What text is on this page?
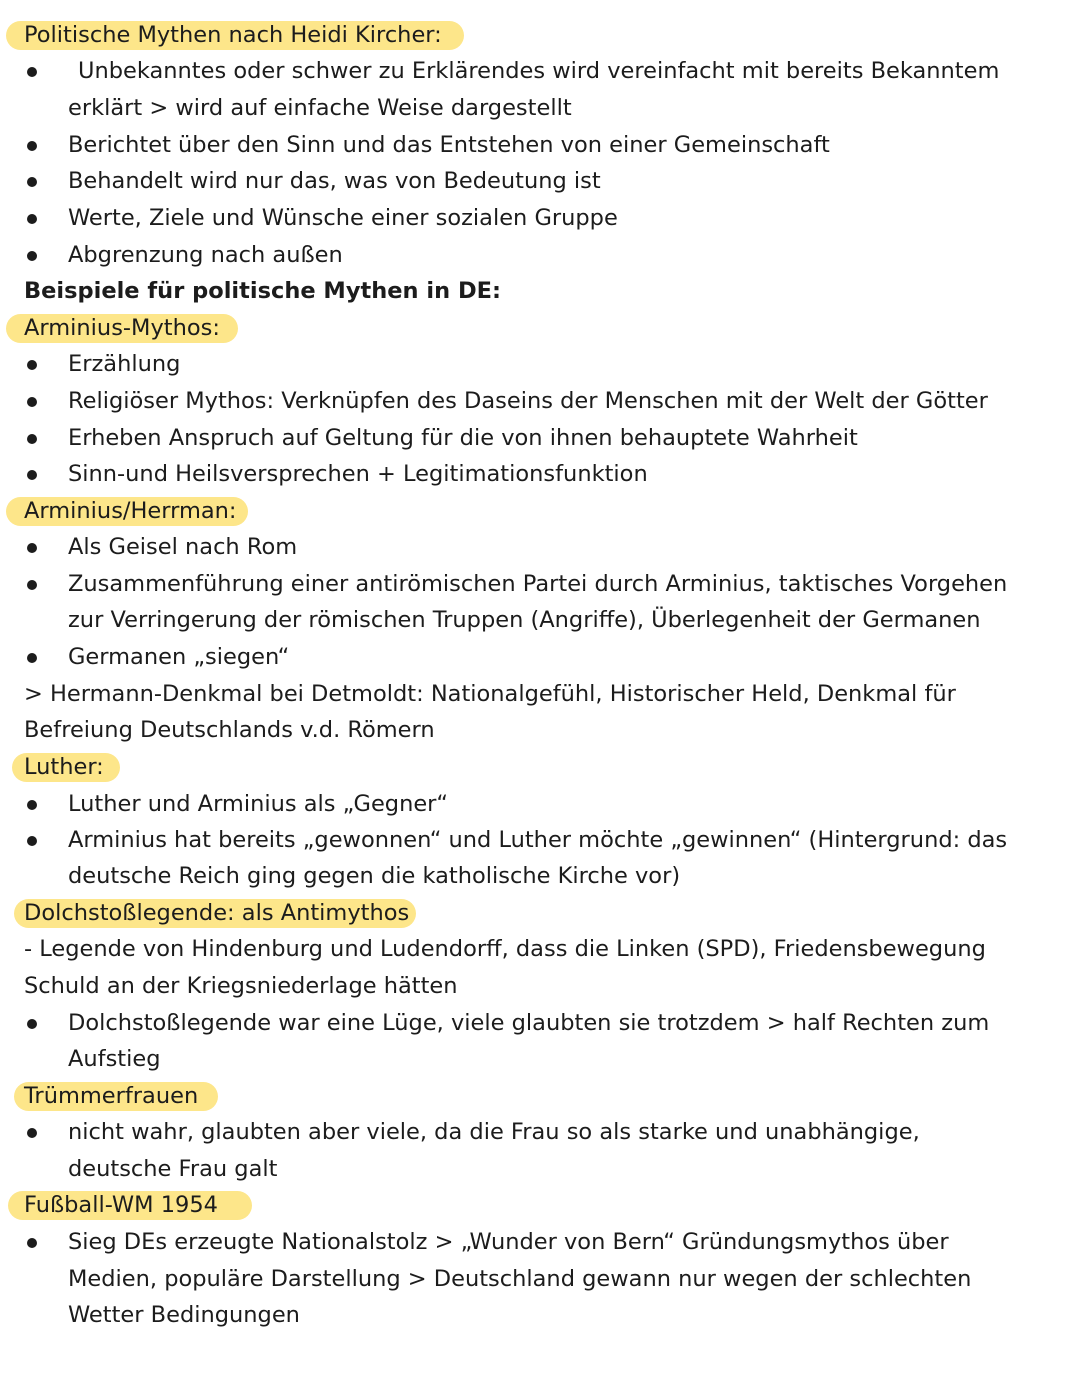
Politische Mythen nach Heidi Kircher:
Unbekanntes oder schwer zu Erklärendes wird vereinfacht mit bereits Bekanntem
erklärt > wird auf einfache Weise dargestellt
Berichtet über den Sinn und das Entstehen von einer Gemeinschaft
Behandelt wird nur das, was von Bedeutung ist
Werte, Ziele und Wünsche einer sozialen Gruppe
Abgrenzung nach außen
Beispiele für politische Mythen in DE:
Arminius-Mythos:
Erzählung
Religiöser Mythos: Verknüpfen des Daseins der Menschen mit der Welt der Götter
Erheben Anspruch auf Geltung für die von ihnen behauptete Wahrheit
Sinn-und Heilsversprechen + Legitimationsfunktion
Arminius/Herrman:
Als Geisel nach Rom
Zusammenführung einer antirömischen Partei durch Arminius, taktisches Vorgehen
zur Verringerung der römischen Truppen (Angriffe), Überlegenheit der Germanen
Germanen „siegen“
> Hermann-Denkmal bei Detmoldt: Nationalgefühl, Historischer Held, Denkmal für
Befreiung Deutschlands v.d. Römern
Luther:
Luther und Arminius als „Gegner“
Arminius hat bereits „gewonnen“ und Luther möchte „gewinnen“ (Hintergrund: das
deutsche Reich ging gegen die katholische Kirche vor)
Dolchstoßlegende: als Antimythos
- Legende von Hindenburg und Ludendorff, dass die Linken (SPD), Friedensbewegung
Schuld an der Kriegsniederlage hätten
Dolchstoßlegende war eine Lüge, viele glaubten sie trotzdem > half Rechten zum
Aufstieg
Trümmerfrauen
nicht wahr, glaubten aber viele, da die Frau so als starke und unabhängige,
deutsche Frau galt
Fußball-WM 1954
Sieg DEs erzeugte Nationalstolz > „Wunder von Bern“ Gründungsmythos über
Medien, populäre Darstellung > Deutschland gewann nur wegen der schlechten
Wetter Bedingungen
